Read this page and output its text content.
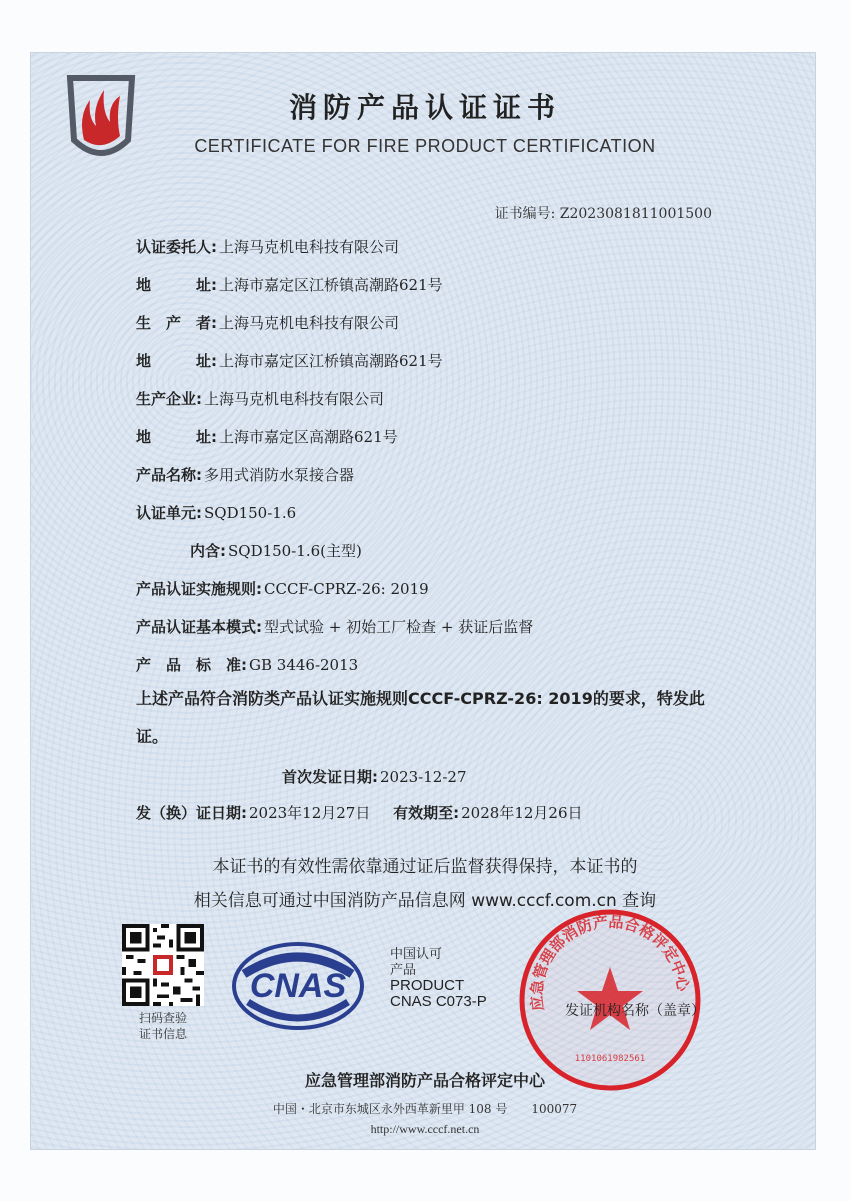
消防产品认证证书
CERTIFICATE FOR FIRE PRODUCT CERTIFICATION
证书编号: Z2023081811001500
认证委托人: 上海马克机电科技有限公司
地　　　址: 上海市嘉定区江桥镇高潮路621号
生　产　者: 上海马克机电科技有限公司
地　　　址: 上海市嘉定区江桥镇高潮路621号
生产企业: 上海马克机电科技有限公司
地　　　址: 上海市嘉定区高潮路621号
产品名称: 多用式消防水泵接合器
认证单元: SQD150-1.6
内含: SQD150-1.6(主型)
产品认证实施规则: CCCF-CPRZ-26: 2019
产品认证基本模式: 型式试验 + 初始工厂检查 + 获证后监督
产　品　标　准: GB 3446-2013
上述产品符合消防类产品认证实施规则CCCF-CPRZ-26: 2019的要求，特发此证。
首次发证日期: 2023-12-27
发（换）证日期: 2023年12月27日 有效期至: 2028年12月26日
本证书的有效性需依靠通过证后监督获得保持，本证书的
相关信息可通过中国消防产品信息网 www.cccf.com.cn 查询
扫码查验
证书信息
CNAS
中国认可
产品
PRODUCT
CNAS C073-P	应急管理部消防产品合格评定中心
1101061982561
发证机构名称（盖章）
应急管理部消防产品合格评定中心
中国・北京市东城区永外西革新里甲 108 号　　100077
http://www.cccf.net.cn
